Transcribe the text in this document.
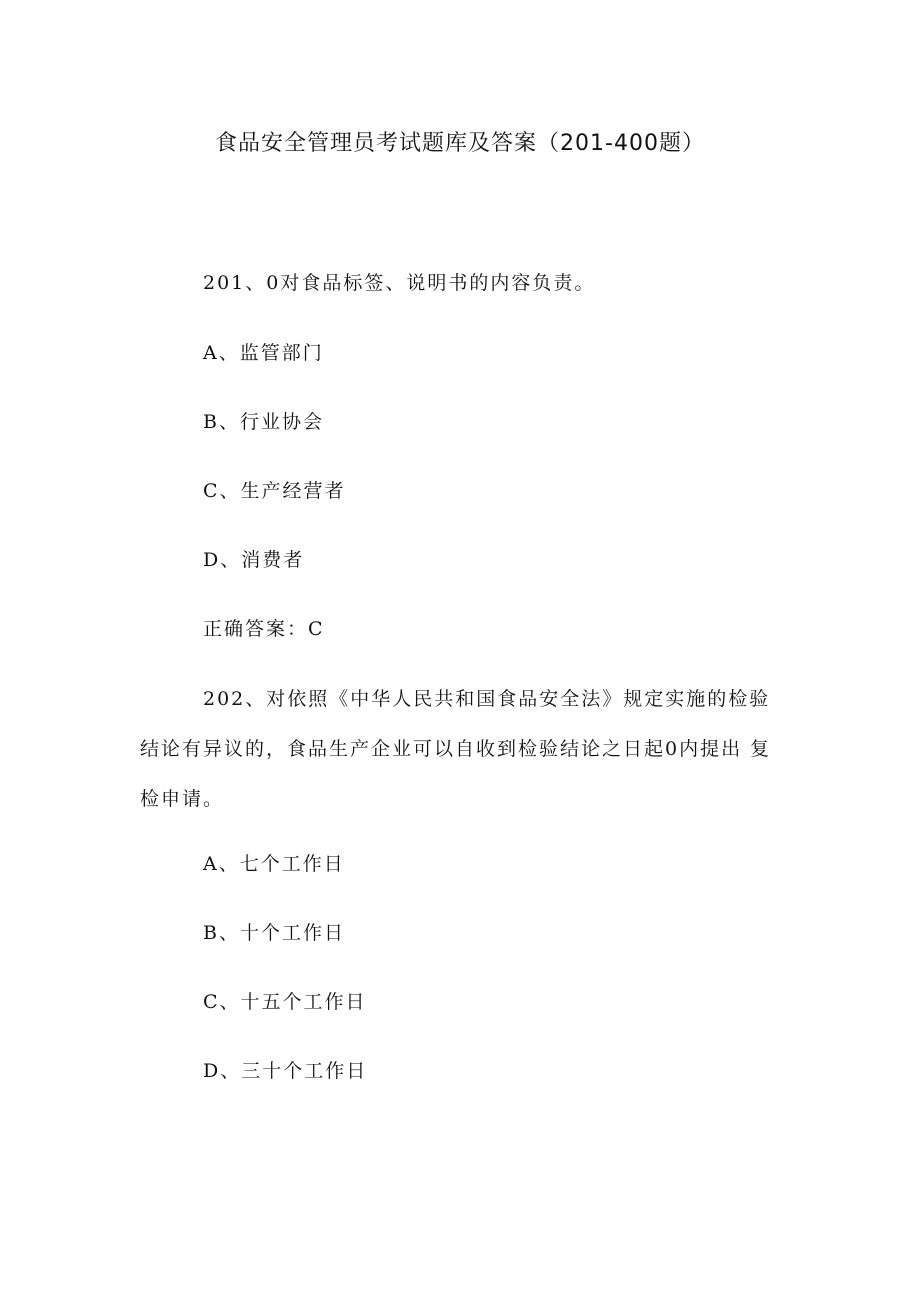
食品安全管理员考试题库及答案（201-400题）
201、0对食品标签、说明书的内容负责。
A、监管部门
B、行业协会
C、生产经营者
D、消费者
正确答案：C
202、对依照《中华人民共和国食品安全法》规定实施的检验
结论有异议的，食品生产企业可以自收到检验结论之日起0内提出 复
检申请。
A、七个工作日
B、十个工作日
C、十五个工作日
D、三十个工作日
